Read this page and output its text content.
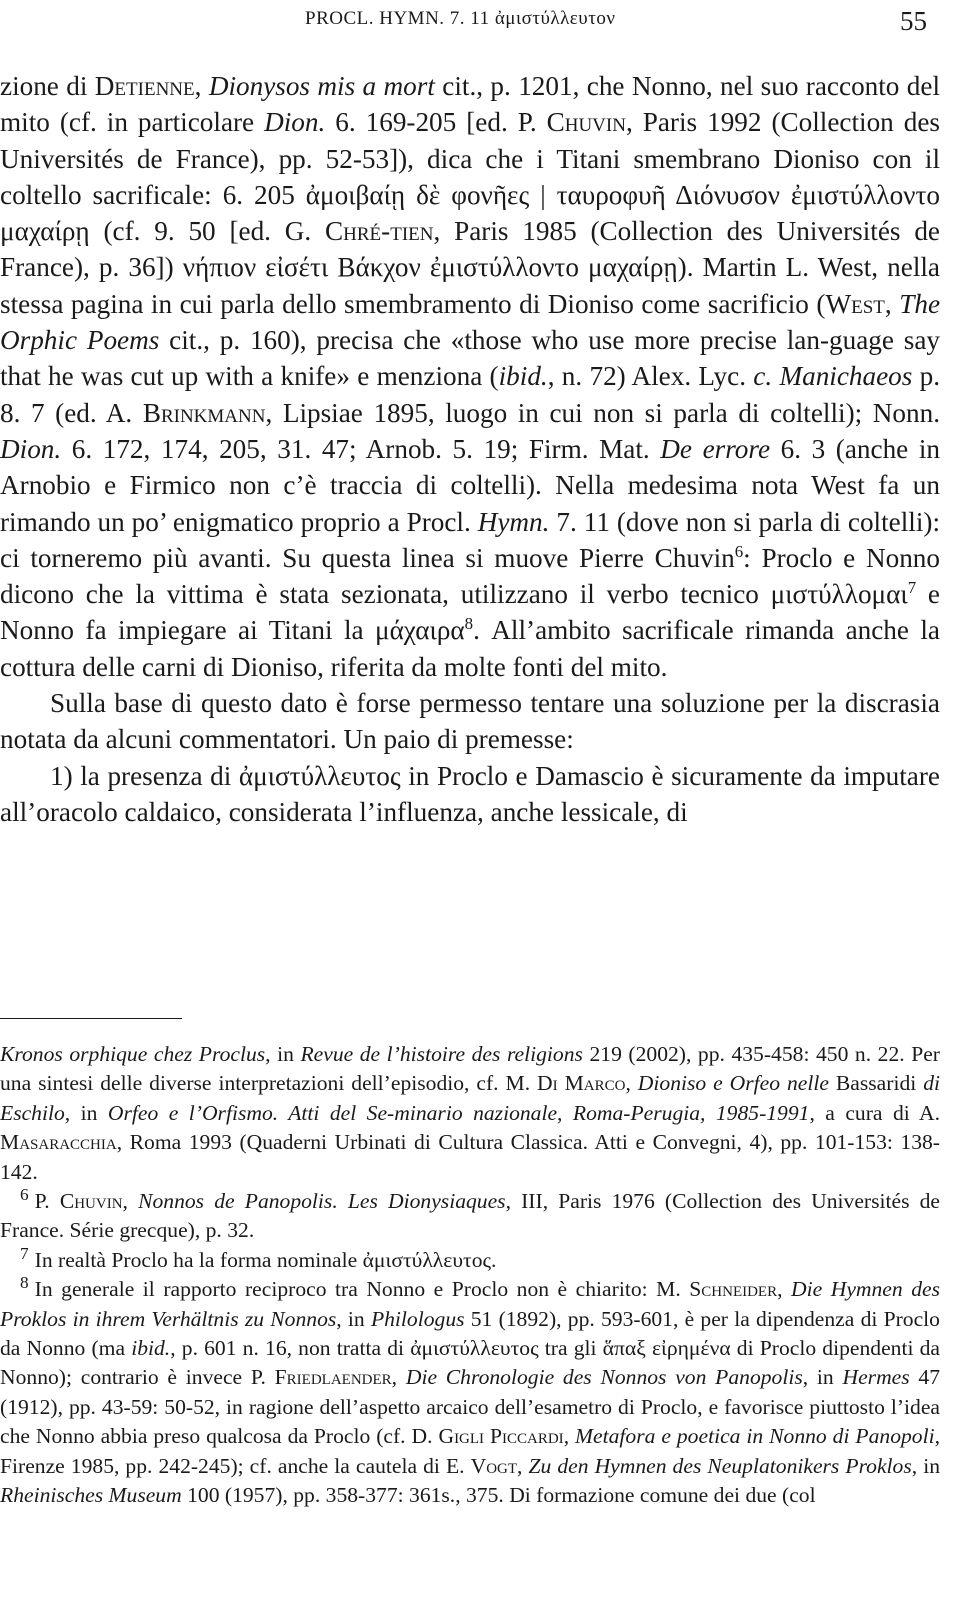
PROCL. HYMN. 7. 11 ἀμιστύλλευτον	55

zione di Detienne, Dionysos mis a mort cit., p. 1201, che Nonno, nel suo racconto del mito (cf. in particolare Dion. 6. 169-205 [ed. P. Chuvin, Paris 1992 (Collection des Universités de France), pp. 52-53]), dica che i Titani smembrano Dioniso con il coltello sacrificale: 6. 205 ἀμοιβαίῃ δὲ φονῆες | ταυροφυῆ Διόνυσον ἐμιστύλλοντο μαχαίρῃ (cf. 9. 50 [ed. G. Chré-tien, Paris 1985 (Collection des Universités de France), p. 36]) νήπιον εἰσέτι Βάκχον ἐμιστύλλοντο μαχαίρῃ). Martin L. West, nella stessa pagina in cui parla dello smembramento di Dioniso come sacrificio (West, The Orphic Poems cit., p. 160), precisa che «those who use more precise lan-guage say that he was cut up with a knife» e menziona (ibid., n. 72) Alex. Lyc. c. Manichaeos p. 8. 7 (ed. A. Brinkmann, Lipsiae 1895, luogo in cui non si parla di coltelli); Nonn. Dion. 6. 172, 174, 205, 31. 47; Arnob. 5. 19; Firm. Mat. De errore 6. 3 (anche in Arnobio e Firmico non c’è traccia di coltelli). Nella medesima nota West fa un rimando un po’ enigmatico proprio a Procl. Hymn. 7. 11 (dove non si parla di coltelli): ci torneremo più avanti. Su questa linea si muove Pierre Chuvin$^6$: Proclo e Nonno dicono che la vittima è stata sezionata, utilizzano il verbo tecnico μιστύλλομαι$^7$ e Nonno fa impiegare ai Titani la μάχαιρα$^8$. All’ambito sacrificale rimanda anche la cottura delle carni di Dioniso, riferita da molte fonti del mito.

Sulla base di questo dato è forse permesso tentare una soluzione per la discrasia notata da alcuni commentatori. Un paio di premesse:

1) la presenza di ἀμιστύλλευτος in Proclo e Damascio è sicuramente da imputare all’oracolo caldaico, considerata l’influenza, anche lessicale, di

Kronos orphique chez Proclus, in Revue de l’histoire des religions 219 (2002), pp. 435-458: 450 n. 22. Per una sintesi delle diverse interpretazioni dell’episodio, cf. M. Di Marco, Dioniso e Orfeo nelle Bassaridi di Eschilo, in Orfeo e l’Orfismo. Atti del Se-minario nazionale, Roma-Perugia, 1985-1991, a cura di A. Masaracchia, Roma 1993 (Quaderni Urbinati di Cultura Classica. Atti e Convegni, 4), pp. 101-153: 138-142.

$^6$ P. Chuvin, Nonnos de Panopolis. Les Dionysiaques, III, Paris 1976 (Collection des Universités de France. Série grecque), p. 32.

$^7$ In realtà Proclo ha la forma nominale ἀμιστύλλευτος.

$^8$ In generale il rapporto reciproco tra Nonno e Proclo non è chiarito: M. Schneider, Die Hymnen des Proklos in ihrem Verhältnis zu Nonnos, in Philologus 51 (1892), pp. 593-601, è per la dipendenza di Proclo da Nonno (ma ibid., p. 601 n. 16, non tratta di ἀμιστύλλευτος tra gli ἅπαξ εἰρημένα di Proclo dipendenti da Nonno); contrario è invece P. Friedlaender, Die Chronologie des Nonnos von Panopolis, in Hermes 47 (1912), pp. 43-59: 50-52, in ragione dell’aspetto arcaico dell’esametro di Proclo, e favorisce piuttosto l’idea che Nonno abbia preso qualcosa da Proclo (cf. D. Gigli Piccardi, Metafora e poetica in Nonno di Panopoli, Firenze 1985, pp. 242-245); cf. anche la cautela di E. Vogt, Zu den Hymnen des Neuplatonikers Proklos, in Rheinisches Museum 100 (1957), pp. 358-377: 361s., 375. Di formazione comune dei due (col
